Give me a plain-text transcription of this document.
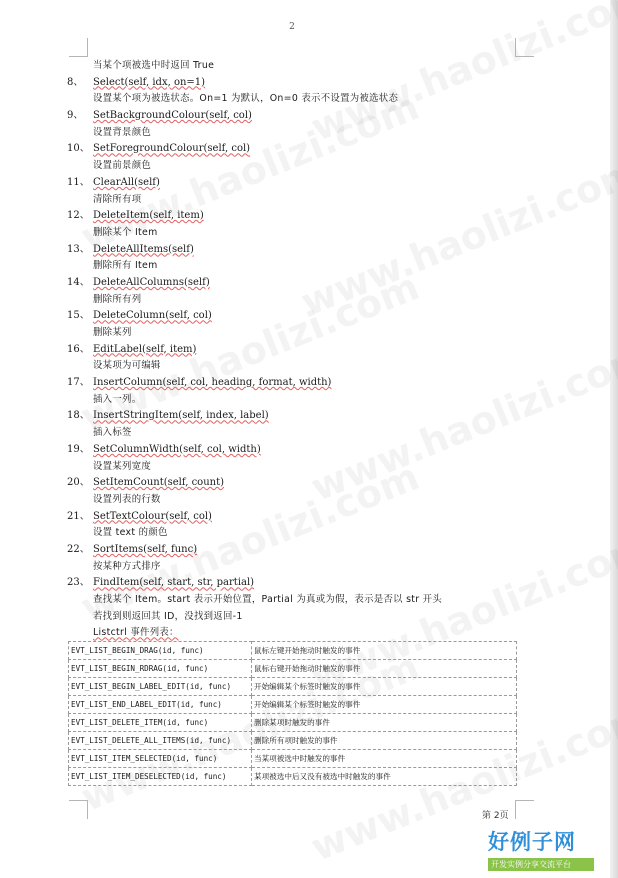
2
当某个项被选中时返回 True
8、 Select(self, idx, on=1)
设置某个项为被选状态。On=1 为默认，On=0 表示不设置为被选状态
9、 SetBackgroundColour(self, col)
设置背景颜色
10、 SetForegroundColour(self, col)
设置前景颜色
11、 ClearAll(self)
清除所有项
12、 DeleteItem(self, item)
删除某个 Item
13、 DeleteAllItems(self)
删除所有 Item
14、 DeleteAllColumns(self)
删除所有列
15、 DeleteColumn(self, col)
删除某列
16、 EditLabel(self, item)
设某项为可编辑
17、 InsertColumn(self, col, heading, format, width)
插入一列。
18、 InsertStringItem(self, index, label)
插入标签
19、 SetColumnWidth(self, col, width)
设置某列宽度
20、 SetItemCount(self, count)
设置列表的行数
21、 SetTextColour(self, col)
设置 text 的颜色
22、 SortItems(self, func)
按某种方式排序
23、 FindItem(self, start, str, partial)
查找某个 Item。start 表示开始位置，Partial 为真或为假，表示是否以 str 开头
若找到则返回其 ID，没找到返回-1
Listctrl 事件列表：
EVT_LIST_BEGIN_DRAG(id, func)	鼠标左键开始拖动时触发的事件
EVT_LIST_BEGIN_RDRAG(id, func)	鼠标右键开始拖动时触发的事件
EVT_LIST_BEGIN_LABEL_EDIT(id, func)	开始编辑某个标签时触发的事件
EVT_LIST_END_LABEL_EDIT(id, func)	开始编辑某个标签时触发的事件
EVT_LIST_DELETE_ITEM(id, func)	删除某项时触发的事件
EVT_LIST_DELETE_ALL_ITEMS(id, func)	删除所有项时触发的事件
EVT_LIST_ITEM_SELECTED(id, func)	当某项被选中时触发的事件
EVT_LIST_ITEM_DESELECTED(id, func)	某项被选中后又没有被选中时触发的事件
第 2页
好例子网
开发实例分享交流平台
